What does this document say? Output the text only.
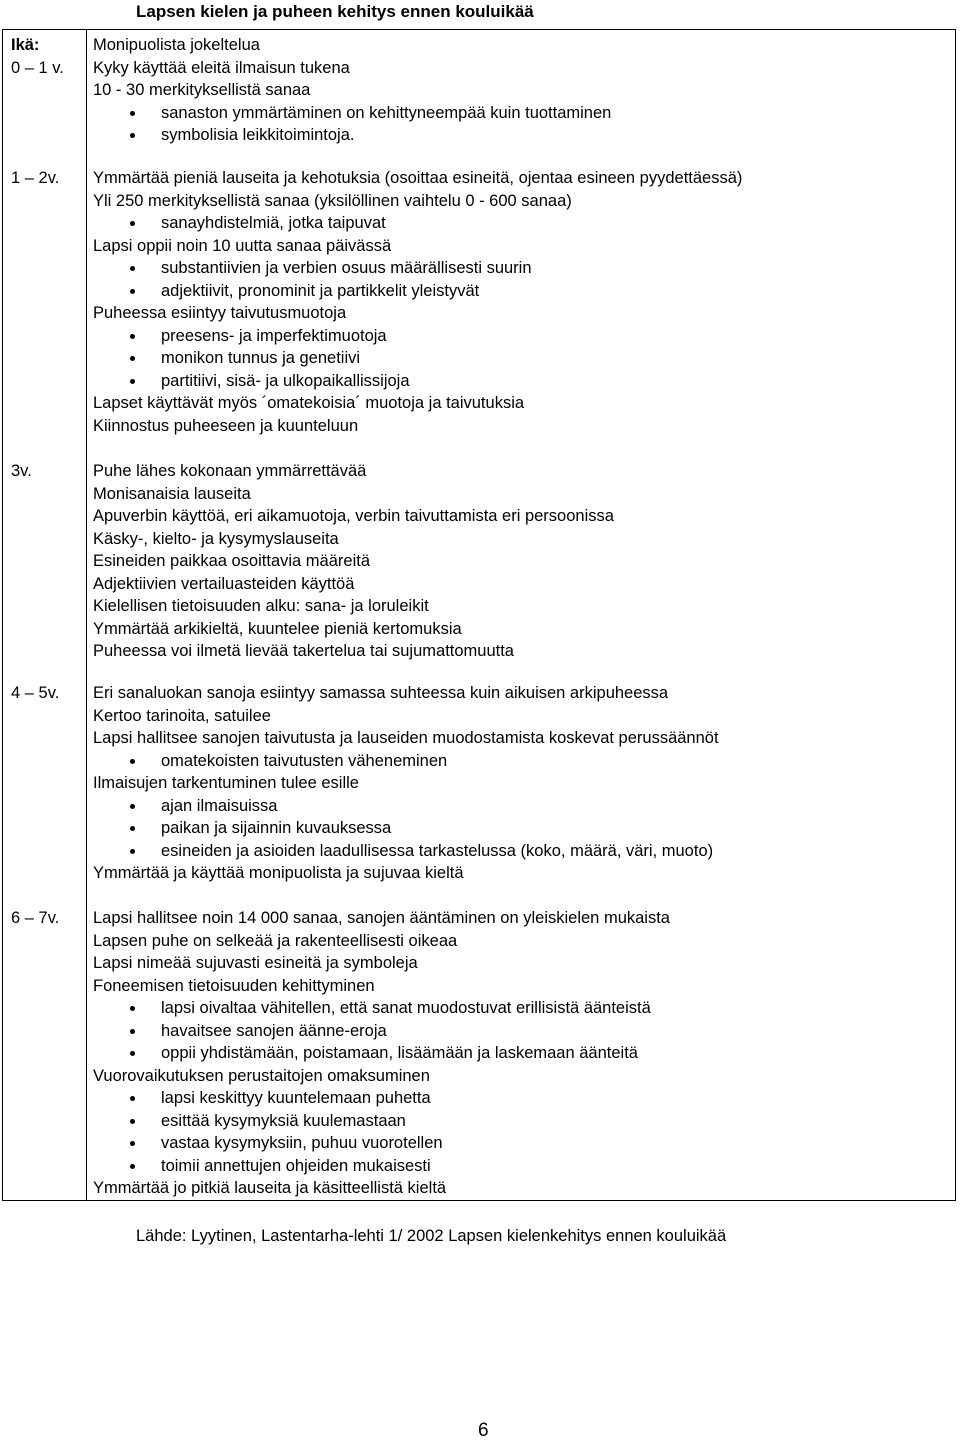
Lapsen kielen ja puheen kehitys ennen kouluikää
Ikä:
0 – 1 v.
1 – 2v.
3v.
4 – 5v.
6 – 7v.
Monipuolista jokeltelua
Kyky käyttää eleitä ilmaisun tukena
10 - 30 merkityksellistä sanaa
sanaston ymmärtäminen on kehittyneempää kuin tuottaminen
symbolisia leikkitoimintoja.
Ymmärtää pieniä lauseita ja kehotuksia (osoittaa esineitä, ojentaa esineen pyydettäessä)
Yli 250 merkityksellistä sanaa (yksilöllinen vaihtelu 0 - 600 sanaa)
sanayhdistelmiä, jotka taipuvat
Lapsi oppii noin 10 uutta sanaa päivässä
substantiivien ja verbien osuus määrällisesti suurin
adjektiivit, pronominit ja partikkelit yleistyvät
Puheessa esiintyy taivutusmuotoja
preesens- ja imperfektimuotoja
monikon tunnus ja genetiivi
partitiivi, sisä- ja ulkopaikallissijoja
Lapset käyttävät myös ´omatekoisia´ muotoja ja taivutuksia
Kiinnostus puheeseen ja kuunteluun
Puhe lähes kokonaan ymmärrettävää
Monisanaisia lauseita
Apuverbin käyttöä, eri aikamuotoja, verbin taivuttamista eri persoonissa
Käsky-, kielto- ja kysymyslauseita
Esineiden paikkaa osoittavia määreitä
Adjektiivien vertailuasteiden käyttöä
Kielellisen tietoisuuden alku: sana- ja loruleikit
Ymmärtää arkikieltä, kuuntelee pieniä kertomuksia
Puheessa voi ilmetä lievää takertelua tai sujumattomuutta
Eri sanaluokan sanoja esiintyy samassa suhteessa kuin aikuisen arkipuheessa
Kertoo tarinoita, satuilee
Lapsi hallitsee sanojen taivutusta ja lauseiden muodostamista koskevat perussäännöt
omatekoisten taivutusten väheneminen
Ilmaisujen tarkentuminen tulee esille
ajan ilmaisuissa
paikan ja sijainnin kuvauksessa
esineiden ja asioiden laadullisessa tarkastelussa (koko, määrä, väri, muoto)
Ymmärtää ja käyttää monipuolista ja sujuvaa kieltä
Lapsi hallitsee noin 14 000 sanaa, sanojen ääntäminen on yleiskielen mukaista
Lapsen puhe on selkeää ja rakenteellisesti oikeaa
Lapsi nimeää sujuvasti esineitä ja symboleja
Foneemisen tietoisuuden kehittyminen
lapsi oivaltaa vähitellen, että sanat muodostuvat erillisistä äänteistä
havaitsee sanojen äänne-eroja
oppii yhdistämään, poistamaan, lisäämään ja laskemaan äänteitä
Vuorovaikutuksen perustaitojen omaksuminen
lapsi keskittyy kuuntelemaan puhetta
esittää kysymyksiä kuulemastaan
vastaa kysymyksiin, puhuu vuorotellen
toimii annettujen ohjeiden mukaisesti
Ymmärtää jo pitkiä lauseita ja käsitteellistä kieltä
Lähde: Lyytinen, Lastentarha-lehti 1/ 2002 Lapsen kielenkehitys ennen kouluikää
6
